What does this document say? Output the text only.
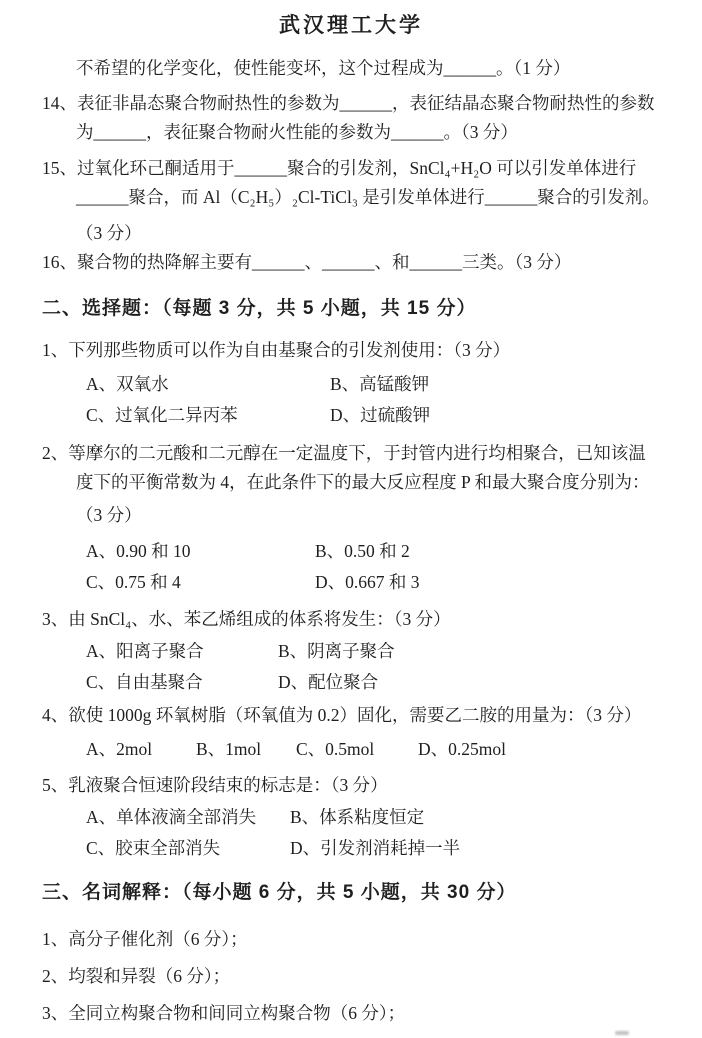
武汉理工大学
不希望的化学变化，使性能变坏，这个过程成为______。（1 分）
14、表征非晶态聚合物耐热性的参数为______，表征结晶态聚合物耐热性的参数
为______，表征聚合物耐火性能的参数为______。（3 分）
15、过氧化环己酮适用于______聚合的引发剂，SnCl₄+H₂O 可以引发单体进行
______聚合，而 Al（C₂H₅）₂Cl-TiCl₃ 是引发单体进行______聚合的引发剂。
（3 分）
16、聚合物的热降解主要有______、______、和______三类。（3 分）
二、选择题：（每题 3 分，共 5 小题，共 15 分）
1、下列那些物质可以作为自由基聚合的引发剂使用：（3 分）
A、双氧水	B、高锰酸钾
C、过氧化二异丙苯	D、过硫酸钾
2、等摩尔的二元酸和二元醇在一定温度下，于封管内进行均相聚合，已知该温
度下的平衡常数为 4，在此条件下的最大反应程度 P 和最大聚合度分别为：
（3 分）
A、0.90 和 10	B、0.50 和 2
C、0.75 和 4	D、0.667 和 3
3、由 SnCl₄、水、苯乙烯组成的体系将发生：（3 分）
A、阳离子聚合	B、阴离子聚合
C、自由基聚合	D、配位聚合
4、欲使 1000g 环氧树脂（环氧值为 0.2）固化，需要乙二胺的用量为：（3 分）
A、2mol	B、1mol	C、0.5mol	D、0.25mol
5、乳液聚合恒速阶段结束的标志是：（3 分）
A、单体液滴全部消失	B、体系粘度恒定
C、胶束全部消失	D、引发剂消耗掉一半
三、名词解释：（每小题 6 分，共 5 小题，共 30 分）
1、高分子催化剂（6 分）；
2、均裂和异裂（6 分）；
3、全同立构聚合物和间同立构聚合物（6 分）；
